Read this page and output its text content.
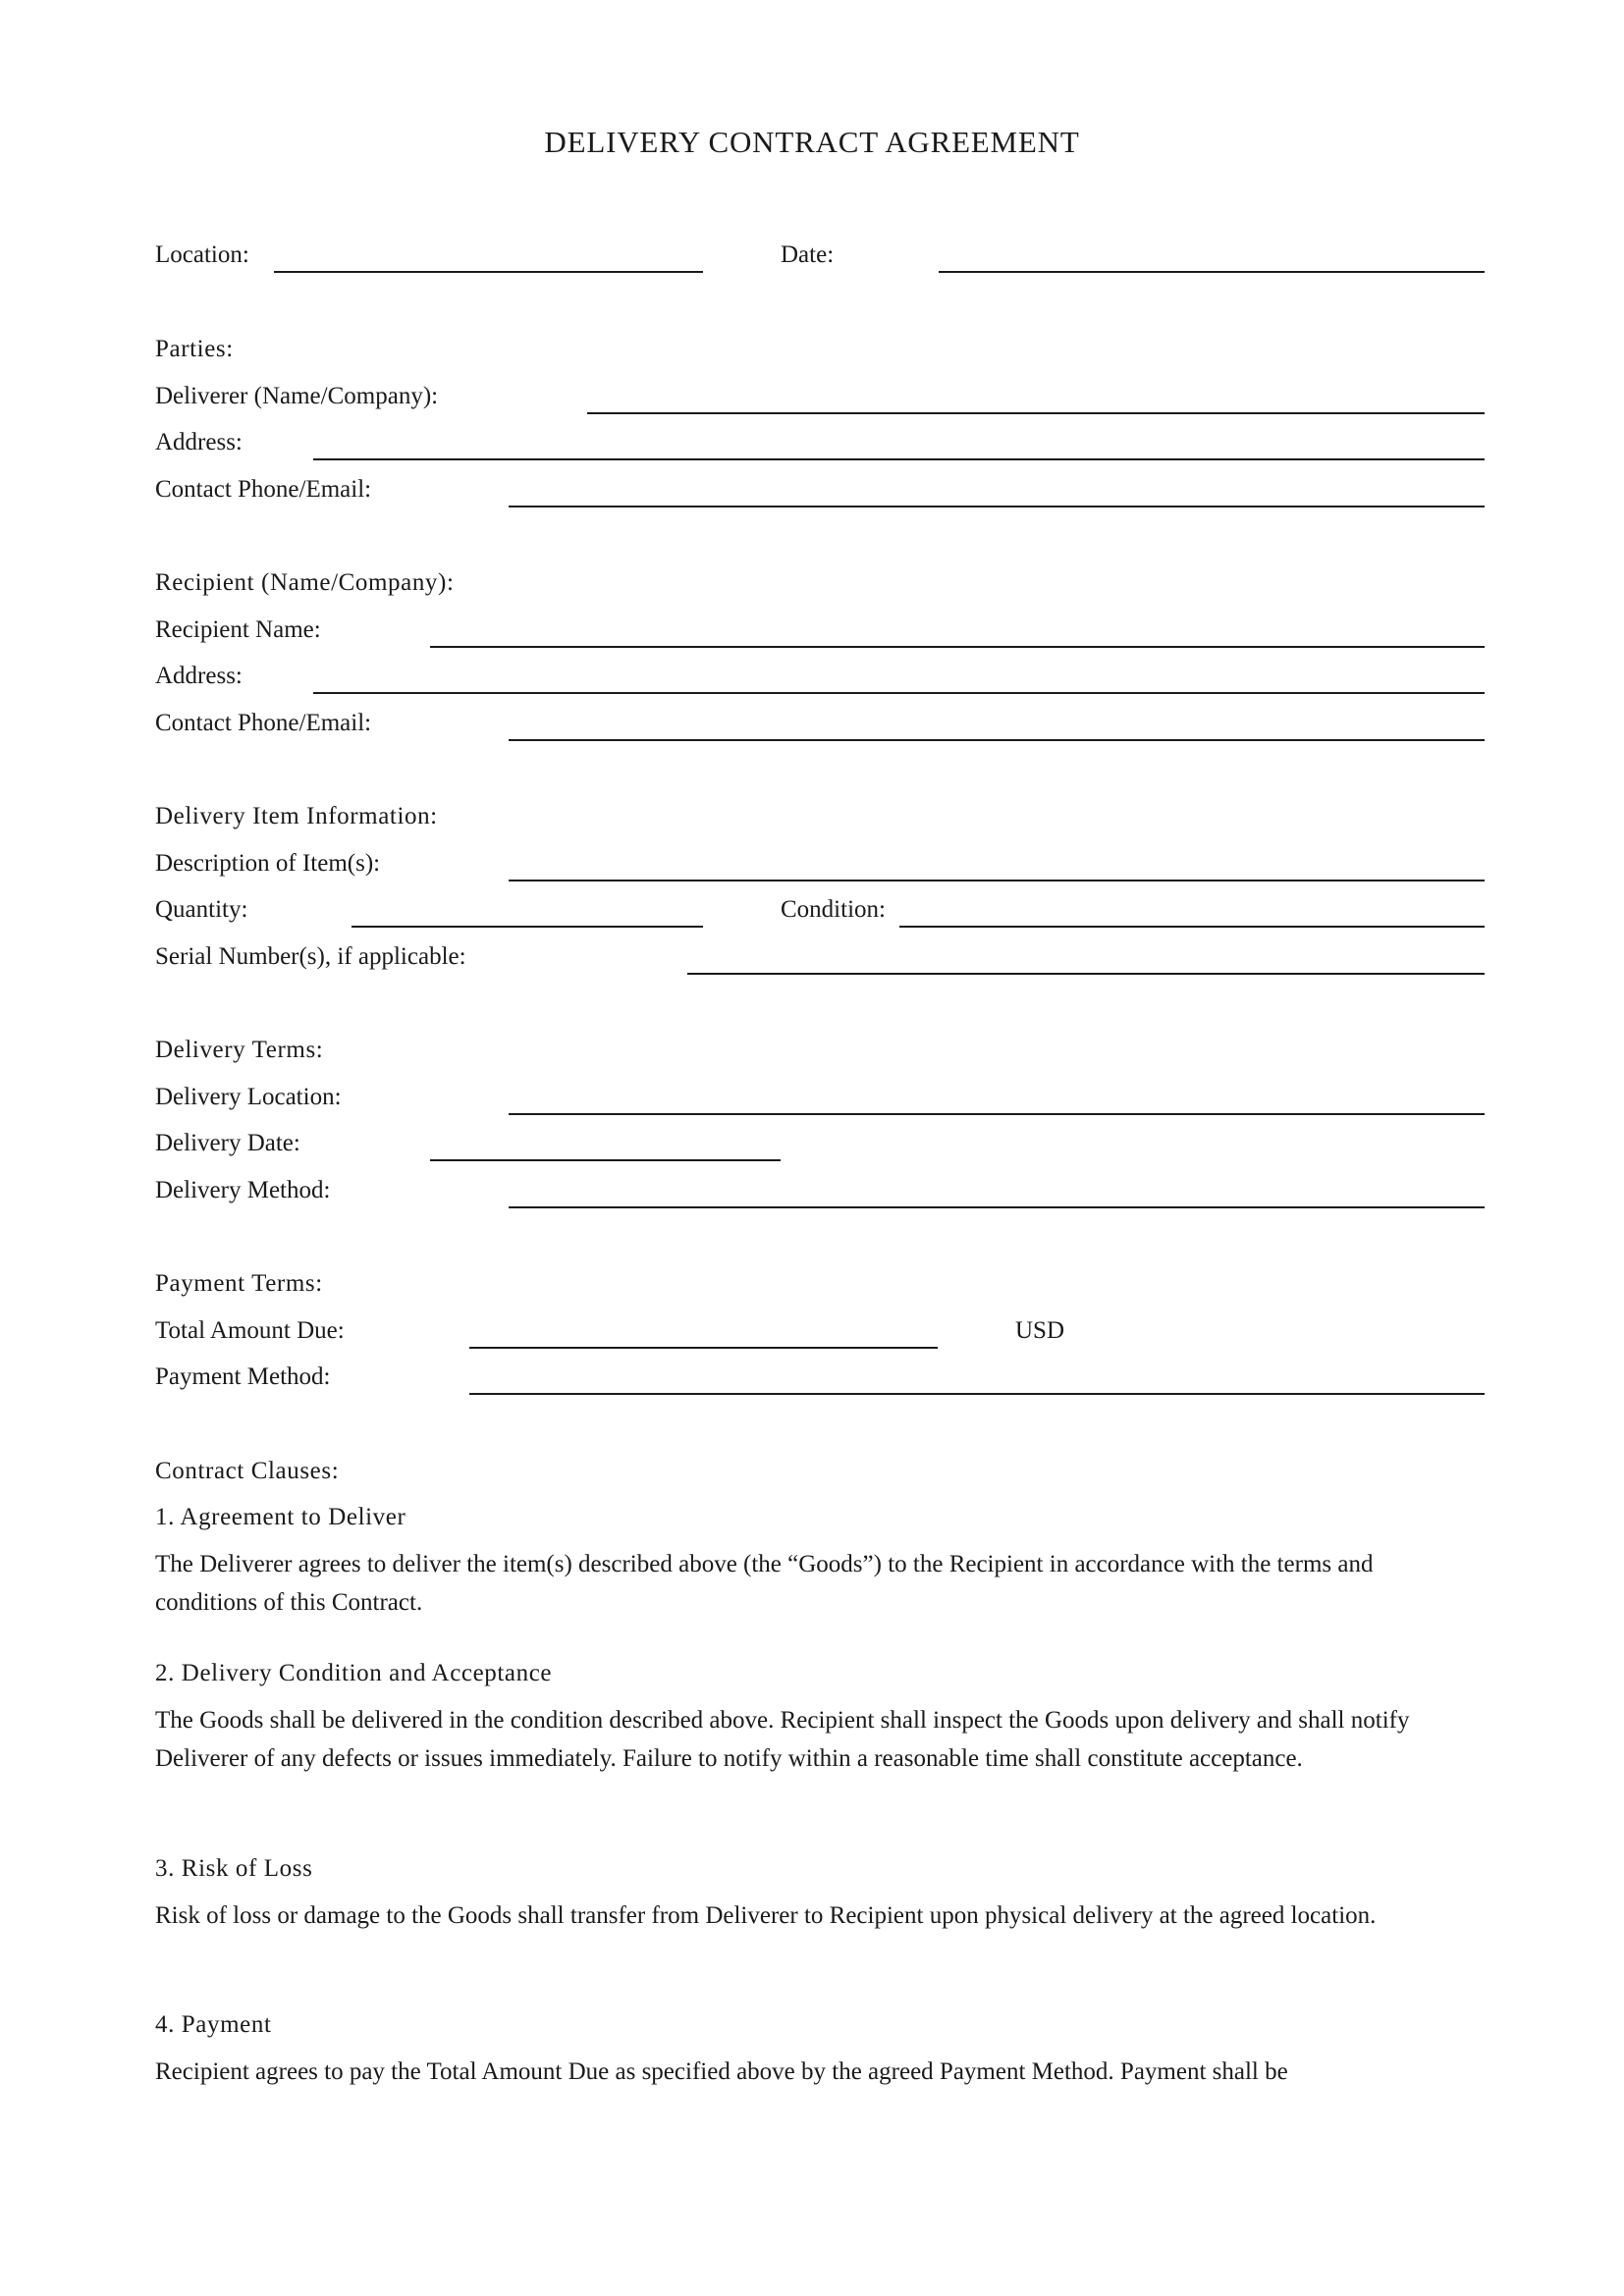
DELIVERY CONTRACT AGREEMENT
Location:	Date:
Parties:
Deliverer (Name/Company):
Address:
Contact Phone/Email:
Recipient (Name/Company):
Recipient Name:
Address:
Contact Phone/Email:
Delivery Item Information:
Description of Item(s):
Quantity:	Condition:
Serial Number(s), if applicable:
Delivery Terms:
Delivery Location:
Delivery Date:
Delivery Method:
Payment Terms:
Total Amount Due:	USD
Payment Method:
Contract Clauses:
1. Agreement to Deliver
The Deliverer agrees to deliver the item(s) described above (the “Goods”) to the Recipient in accordance with the terms and conditions of this Contract.
2. Delivery Condition and Acceptance
The Goods shall be delivered in the condition described above. Recipient shall inspect the Goods upon delivery and shall notify Deliverer of any defects or issues immediately. Failure to notify within a reasonable time shall constitute acceptance.
3. Risk of Loss
Risk of loss or damage to the Goods shall transfer from Deliverer to Recipient upon physical delivery at the agreed location.
4. Payment
Recipient agrees to pay the Total Amount Due as specified above by the agreed Payment Method. Payment shall be
